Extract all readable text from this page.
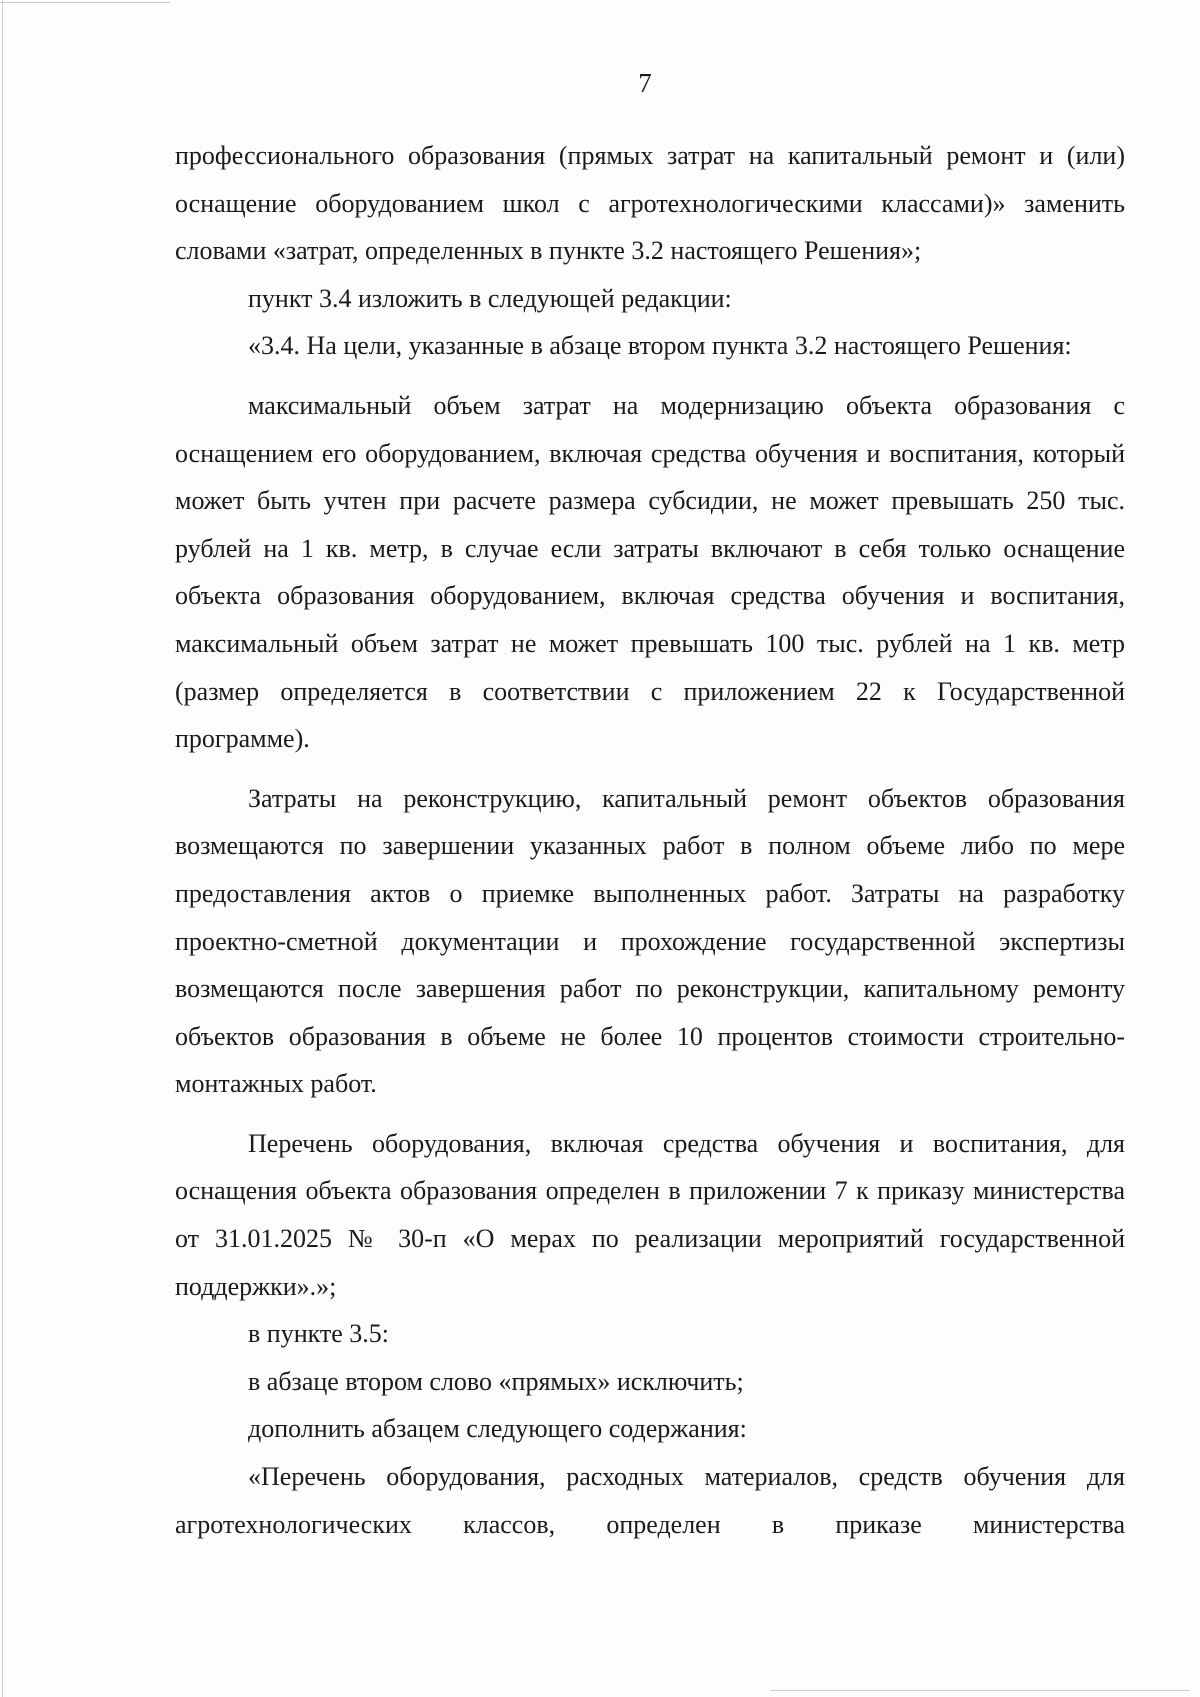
7

профессионального образования (прямых затрат на капитальный ремонт и (или) оснащение оборудованием школ с агротехнологическими классами)» заменить словами «затрат, определенных в пункте 3.2 настоящего Решения»;

пункт 3.4 изложить в следующей редакции:

«3.4. На цели, указанные в абзаце втором пункта 3.2 настоящего Решения:

максимальный объем затрат на модернизацию объекта образования с оснащением его оборудованием, включая средства обучения и воспитания, который может быть учтен при расчете размера субсидии, не может превышать 250 тыс. рублей на 1 кв. метр, в случае если затраты включают в себя только оснащение объекта образования оборудованием, включая средства обучения и воспитания, максимальный объем затрат не может превышать 100 тыс. рублей на 1 кв. метр (размер определяется в соответствии с приложением 22 к Государственной программе).

Затраты на реконструкцию, капитальный ремонт объектов образования возмещаются по завершении указанных работ в полном объеме либо по мере предоставления актов о приемке выполненных работ. Затраты на разработку проектно-сметной документации и прохождение государственной экспертизы возмещаются после завершения работ по реконструкции, капитальному ремонту объектов образования в объеме не более 10 процентов стоимости строительно-монтажных работ.

Перечень оборудования, включая средства обучения и воспитания, для оснащения объекта образования определен в приложении 7 к приказу министерства от 31.01.2025 № 30-п «О мерах по реализации мероприятий государственной поддержки».»;

в пункте 3.5:

в абзаце втором слово «прямых» исключить;

дополнить абзацем следующего содержания:

«Перечень оборудования, расходных материалов, средств обучения для агротехнологических классов, определен в приказе министерства
